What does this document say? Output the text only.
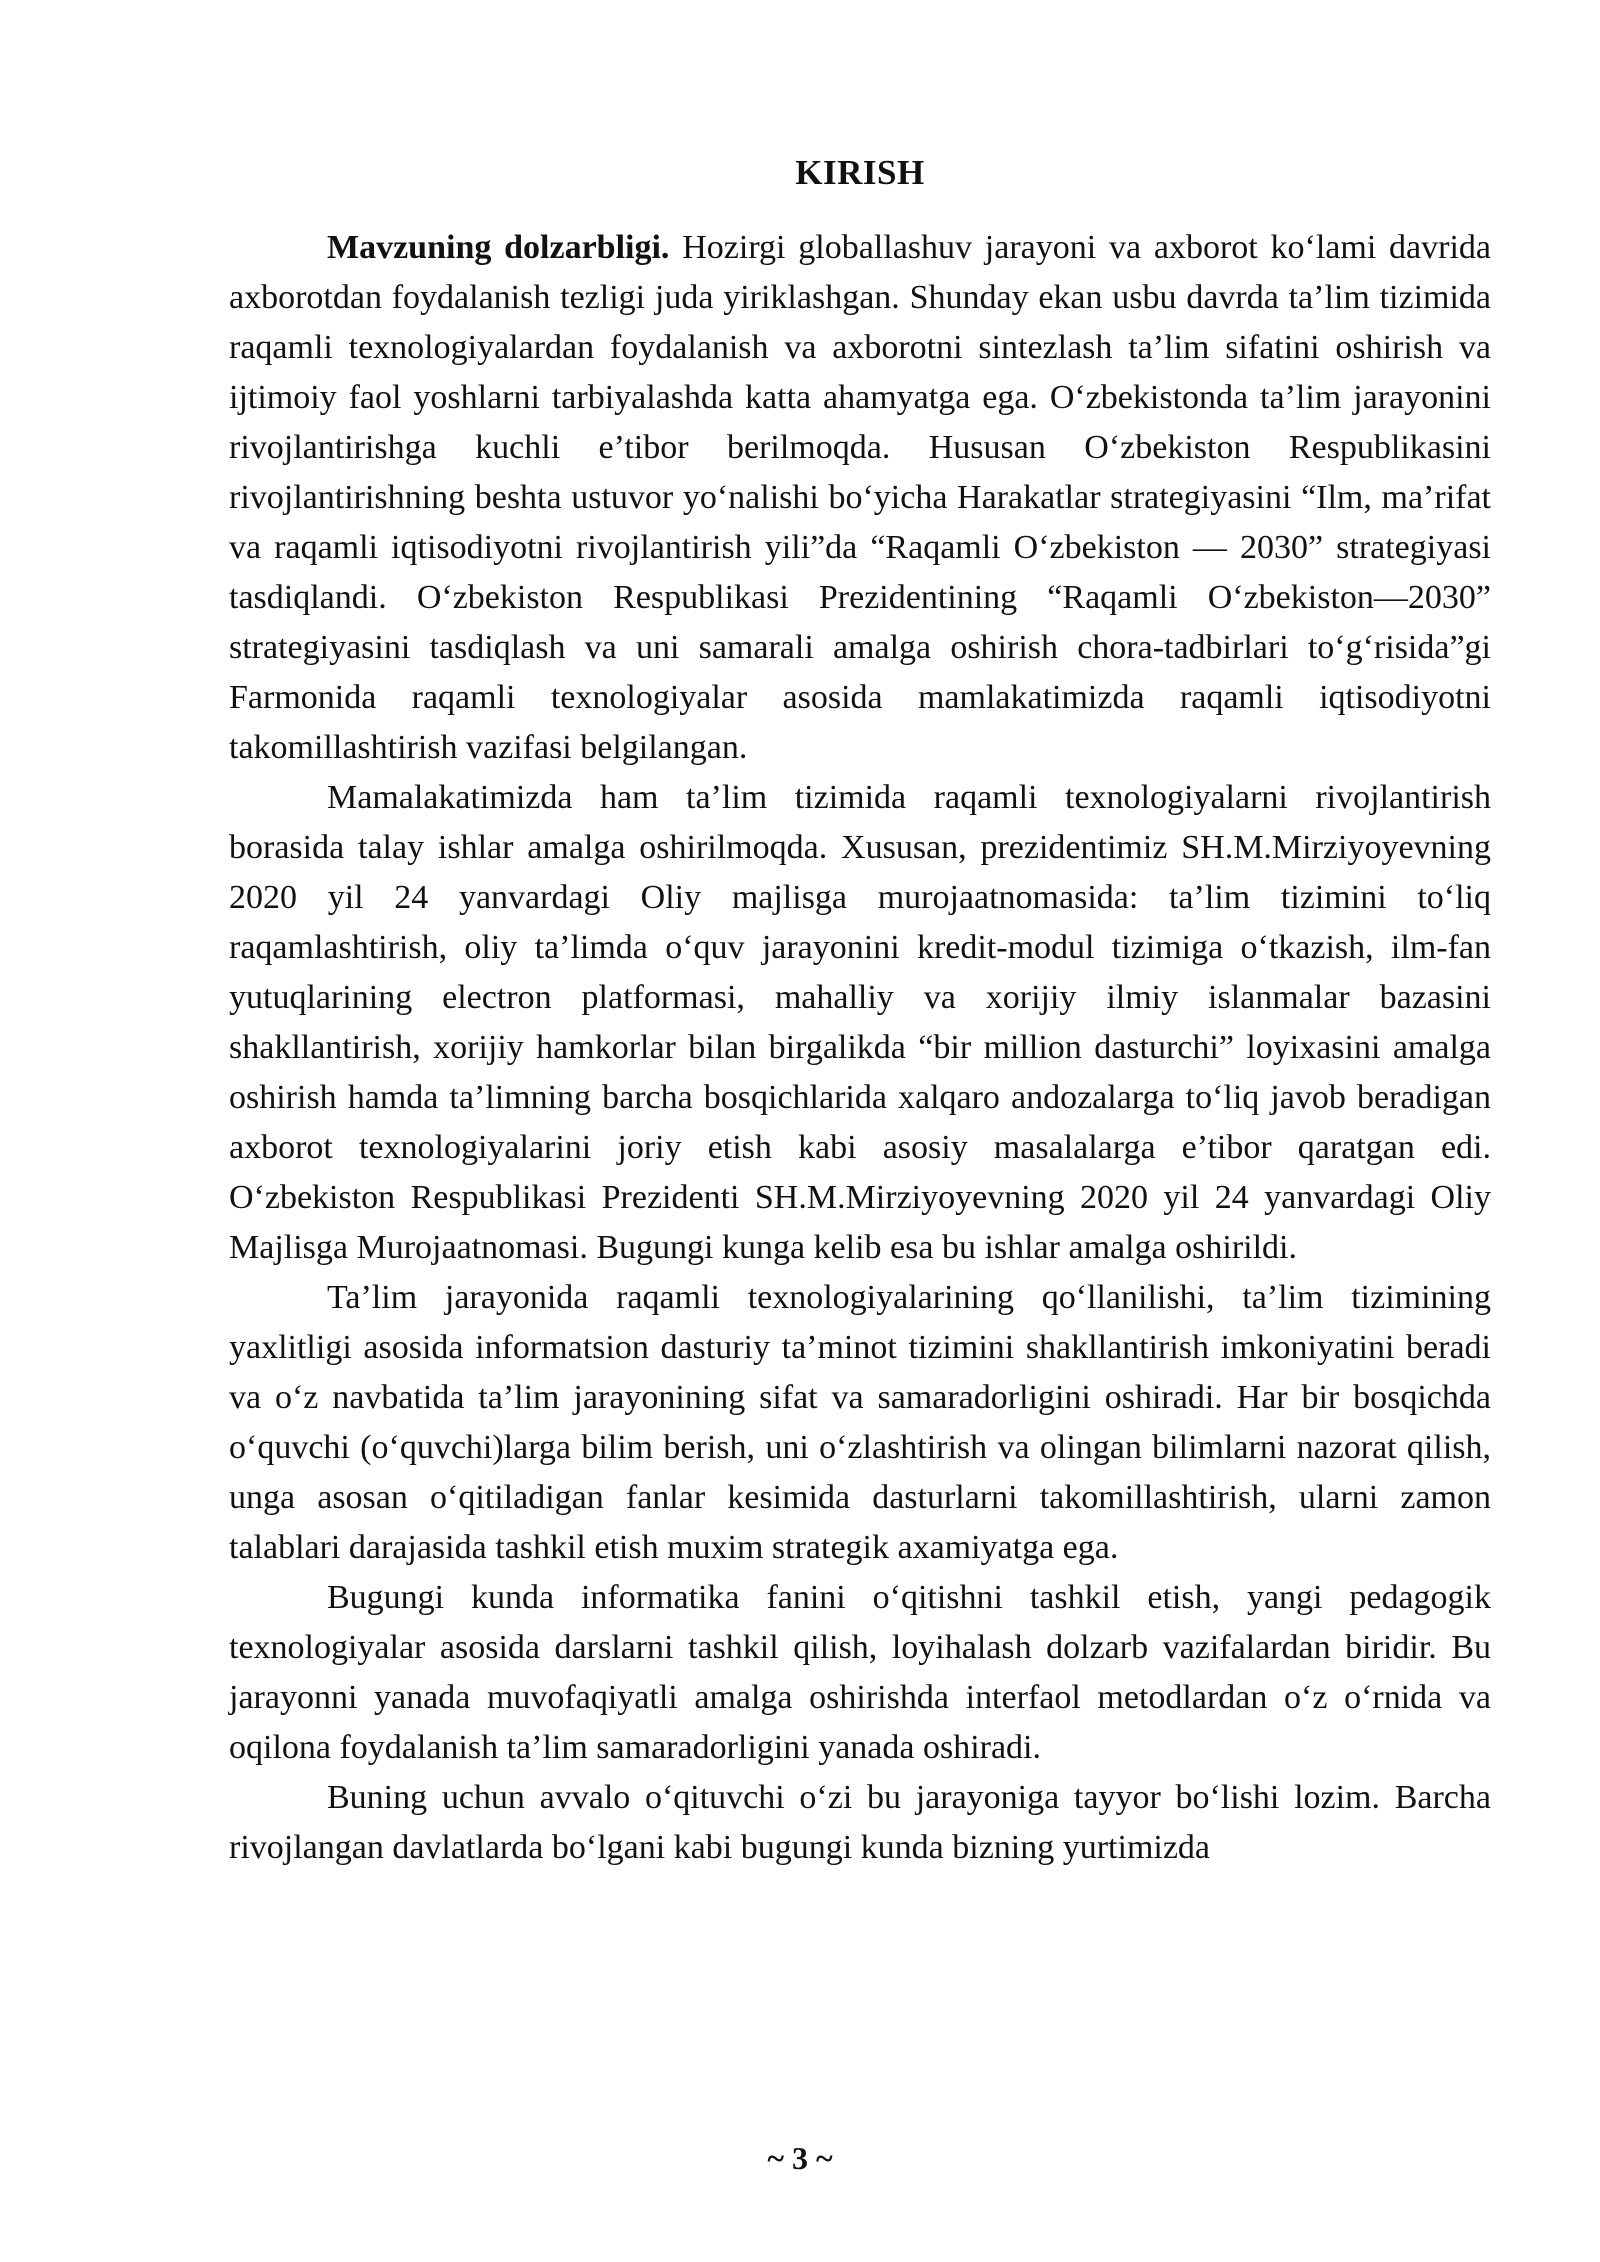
KIRISH

Mavzuning dolzarbligi. Hozirgi globallashuv jarayoni va axborot ko‘lami davrida axborotdan foydalanish tezligi juda yiriklashgan. Shunday ekan usbu davrda ta’lim tizimida raqamli texnologiyalardan foydalanish va axborotni sintezlash ta’lim sifatini oshirish va ijtimoiy faol yoshlarni tarbiyalashda katta ahamyatga ega. O‘zbekistonda ta’lim jarayonini rivojlantirishga kuchli e’tibor berilmoqda. Hususan O‘zbekiston Respublikasini rivojlantirishning beshta ustuvor yo‘nalishi bo‘yicha Harakatlar strategiyasini “Ilm, ma’rifat va raqamli iqtisodiyotni rivojlantirish yili”da “Raqamli O‘zbekiston — 2030” strategiyasi tasdiqlandi. O‘zbekiston Respublikasi Prezidentining “Raqamli O‘zbekiston—2030” strategiyasini tasdiqlash va uni samarali amalga oshirish chora-tadbirlari to‘g‘risida”gi Farmonida raqamli texnologiyalar asosida mamlakatimizda raqamli iqtisodiyotni takomillashtirish vazifasi belgilangan.

Mamalakatimizda ham ta’lim tizimida raqamli texnologiyalarni rivojlantirish borasida talay ishlar amalga oshirilmoqda. Xususan, prezidentimiz SH.M.Mirziyoyevning 2020 yil 24 yanvardagi Oliy majlisga murojaatnomasida: ta’lim tizimini to‘liq raqamlashtirish, oliy ta’limda o‘quv jarayonini kredit-modul tizimiga o‘tkazish, ilm-fan yutuqlarining electron platformasi, mahalliy va xorijiy ilmiy islanmalar bazasini shakllantirish, xorijiy hamkorlar bilan birgalikda “bir million dasturchi” loyixasini amalga oshirish hamda ta’limning barcha bosqichlarida xalqaro andozalarga to‘liq javob beradigan axborot texnologiyalarini joriy etish kabi asosiy masalalarga e’tibor qaratgan edi. O‘zbekiston Respublikasi Prezidenti SH.M.Mirziyoyevning 2020 yil 24 yanvardagi Oliy Majlisga Murojaatnomasi. Bugungi kunga kelib esa bu ishlar amalga oshirildi.

Ta’lim jarayonida raqamli texnologiyalarining qo‘llanilishi, ta’lim tizimining yaxlitligi asosida informatsion dasturiy ta’minot tizimini shakllantirish imkoniyatini beradi va o‘z navbatida ta’lim jarayonining sifat va samaradorligini oshiradi. Har bir bosqichda o‘quvchi (o‘quvchi)larga bilim berish, uni o‘zlashtirish va olingan bilimlarni nazorat qilish, unga asosan o‘qitiladigan fanlar kesimida dasturlarni takomillashtirish, ularni zamon talablari darajasida tashkil etish muxim strategik axamiyatga ega.

Bugungi kunda informatika fanini o‘qitishni tashkil etish, yangi pedagogik texnologiyalar asosida darslarni tashkil qilish, loyihalash dolzarb vazifalardan biridir. Bu jarayonni yanada muvofaqiyatli amalga oshirishda interfaol metodlardan o‘z o‘rnida va oqilona foydalanish ta’lim samaradorligini yanada oshiradi.

Buning uchun avvalo o‘qituvchi o‘zi bu jarayoniga tayyor bo‘lishi lozim. Barcha rivojlangan davlatlarda bo‘lgani kabi bugungi kunda bizning yurtimizda

~ 3 ~
